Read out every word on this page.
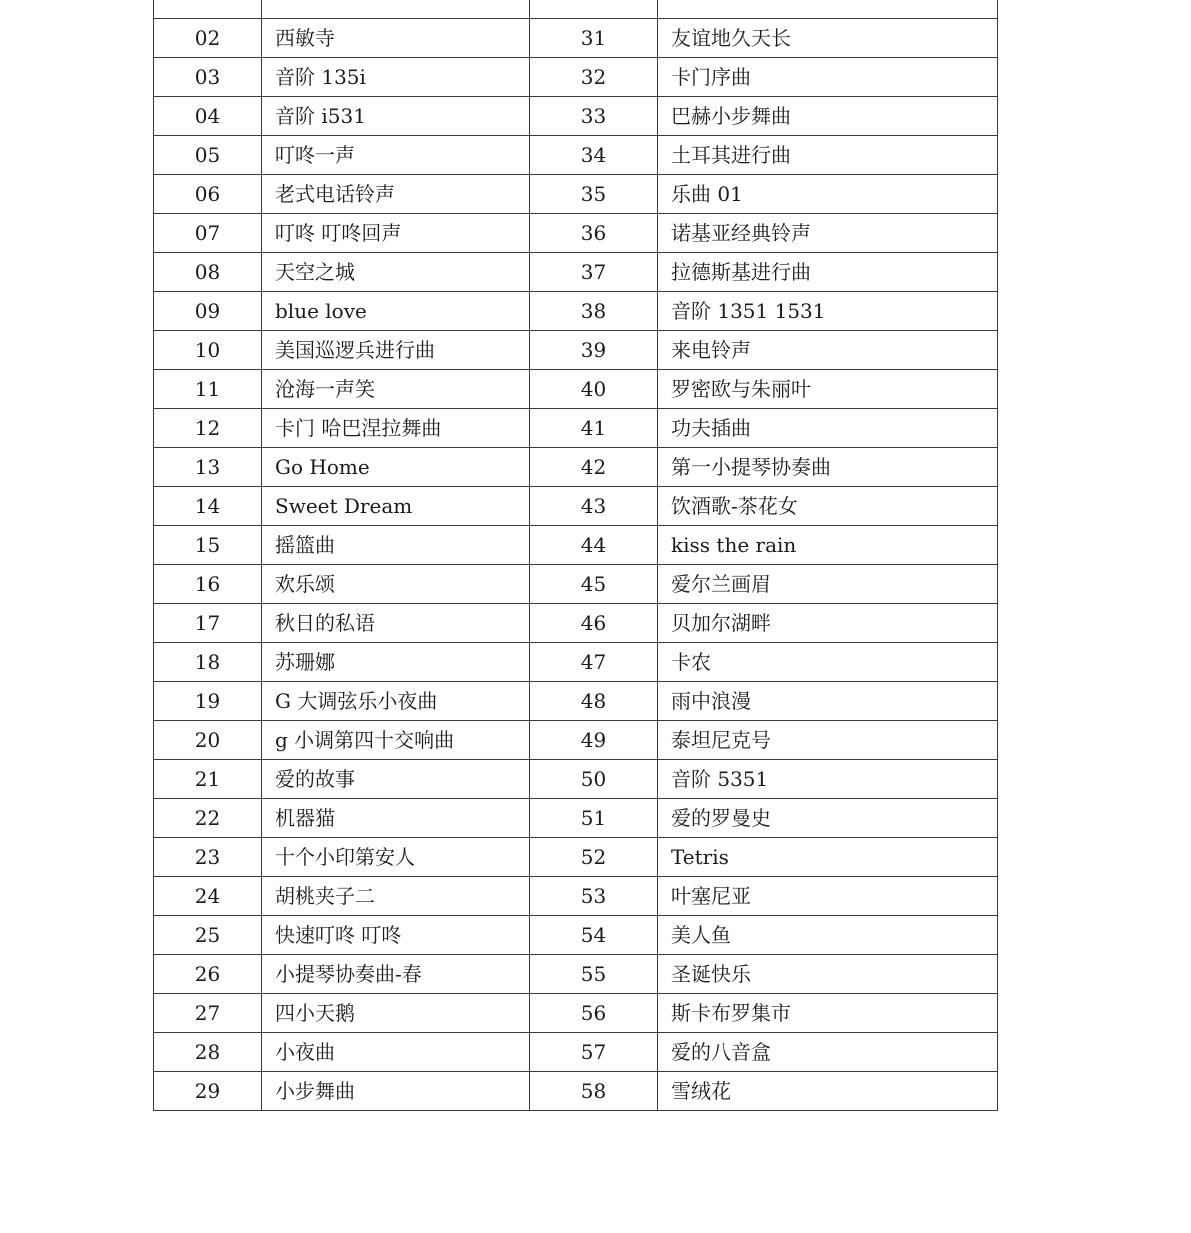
02	西敏寺	31	友谊地久天长
03	音阶 135i	32	卡门序曲
04	音阶 i531	33	巴赫小步舞曲
05	叮咚一声	34	土耳其进行曲
06	老式电话铃声	35	乐曲 01
07	叮咚 叮咚回声	36	诺基亚经典铃声
08	天空之城	37	拉德斯基进行曲
09	blue love	38	音阶 1351 1531
10	美国巡逻兵进行曲	39	来电铃声
11	沧海一声笑	40	罗密欧与朱丽叶
12	卡门 哈巴涅拉舞曲	41	功夫插曲
13	Go Home	42	第一小提琴协奏曲
14	Sweet Dream	43	饮酒歌-茶花女
15	摇篮曲	44	kiss the rain
16	欢乐颂	45	爱尔兰画眉
17	秋日的私语	46	贝加尔湖畔
18	苏珊娜	47	卡农
19	G 大调弦乐小夜曲	48	雨中浪漫
20	g 小调第四十交响曲	49	泰坦尼克号
21	爱的故事	50	音阶 5351
22	机器猫	51	爱的罗曼史
23	十个小印第安人	52	Tetris
24	胡桃夹子二	53	叶塞尼亚
25	快速叮咚 叮咚	54	美人鱼
26	小提琴协奏曲-春	55	圣诞快乐
27	四小天鹅	56	斯卡布罗集市
28	小夜曲	57	爱的八音盒
29	小步舞曲	58	雪绒花
